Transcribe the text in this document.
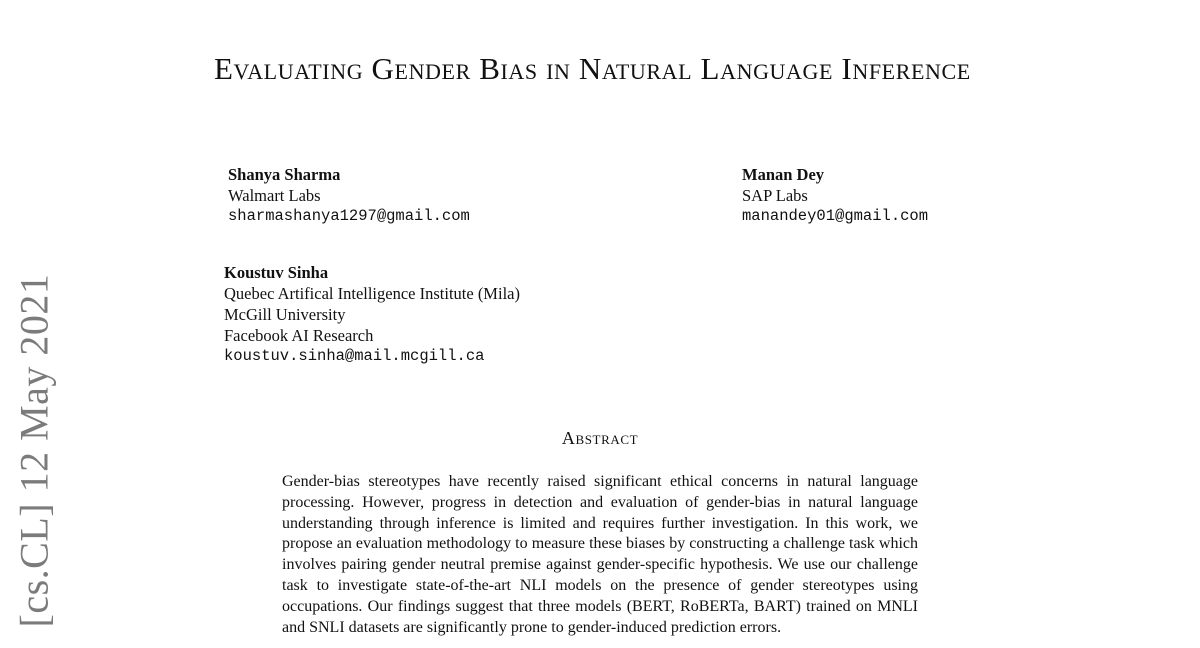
[cs.CL] 12 May 2021
Evaluating Gender Bias in Natural Language Inference
Shanya Sharma
Walmart Labs
sharmashanya1297@gmail.com
Manan Dey
SAP Labs
manandey01@gmail.com
Koustuv Sinha
Quebec Artifical Intelligence Institute (Mila)
McGill University
Facebook AI Research
koustuv.sinha@mail.mcgill.ca
Abstract

Gender-bias stereotypes have recently raised significant ethical concerns in natural language processing. However, progress in detection and evaluation of gender-bias in natural language understanding through inference is limited and requires further investigation. In this work, we propose an evaluation methodology to measure these biases by constructing a challenge task which involves pairing gender neutral premise against gender-specific hypothesis. We use our challenge task to investigate state-of-the-art NLI models on the presence of gender stereotypes using occupations. Our findings suggest that three models (BERT, RoBERTa, BART) trained on MNLI and SNLI datasets are significantly prone to gender-induced prediction errors.
